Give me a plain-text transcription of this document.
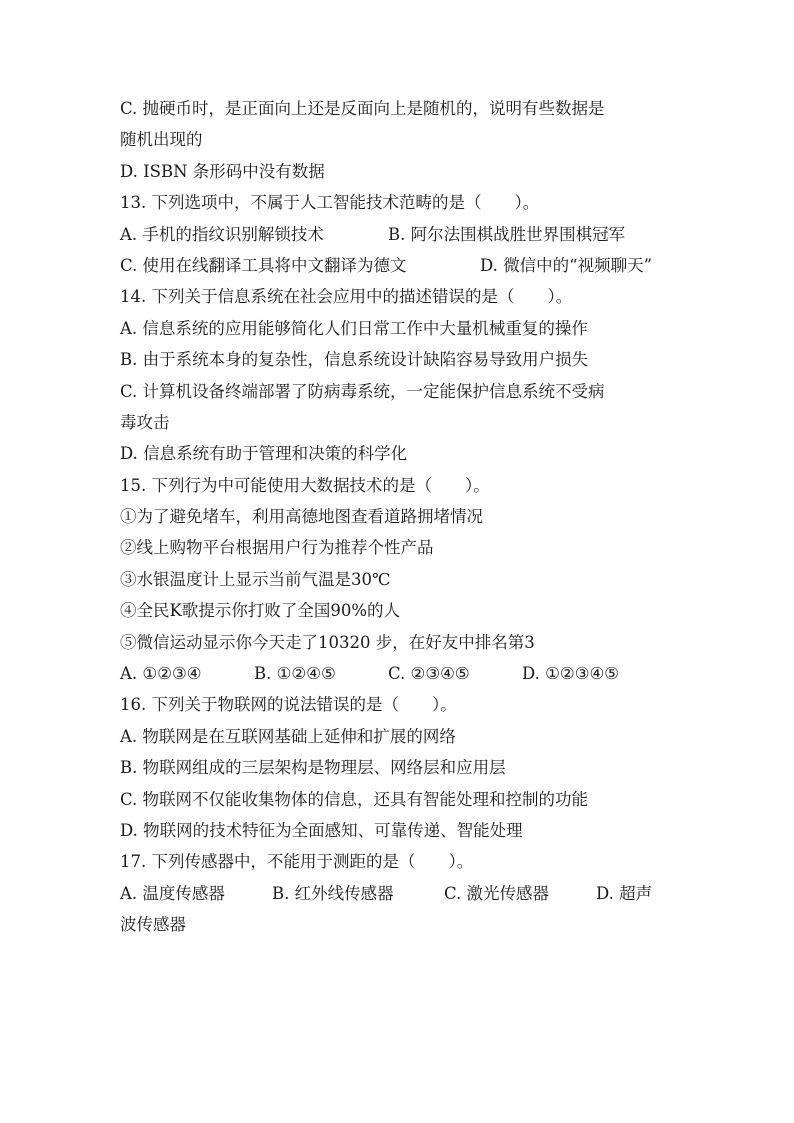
C. 抛硬币时，是正面向上还是反面向上是随机的，说明有些数据是
随机出现的
D. ISBN 条形码中没有数据
13. 下列选项中，不属于人工智能技术范畴的是（　　）。
A. 手机的指纹识别解锁技术	B. 阿尔法围棋战胜世界围棋冠军
C. 使用在线翻译工具将中文翻译为德文	D. 微信中的“视频聊天”
14. 下列关于信息系统在社会应用中的描述错误的是（　　）。
A. 信息系统的应用能够简化人们日常工作中大量机械重复的操作
B. 由于系统本身的复杂性，信息系统设计缺陷容易导致用户损失
C. 计算机设备终端部署了防病毒系统，一定能保护信息系统不受病
毒攻击
D. 信息系统有助于管理和决策的科学化
15. 下列行为中可能使用大数据技术的是（　　）。
①为了避免堵车，利用高德地图查看道路拥堵情况
②线上购物平台根据用户行为推荐个性产品
③水银温度计上显示当前气温是30℃
④全民K歌提示你打败了全国90%的人
⑤微信运动显示你今天走了10320 步，在好友中排名第3
A. ①②③④	B. ①②④⑤	C. ②③④⑤	D. ①②③④⑤
16. 下列关于物联网的说法错误的是（　　）。
A. 物联网是在互联网基础上延伸和扩展的网络
B. 物联网组成的三层架构是物理层、网络层和应用层
C. 物联网不仅能收集物体的信息，还具有智能处理和控制的功能
D. 物联网的技术特征为全面感知、可靠传递、智能处理
17. 下列传感器中，不能用于测距的是（　　）。
A. 温度传感器	B. 红外线传感器	C. 激光传感器	D. 超声
波传感器
